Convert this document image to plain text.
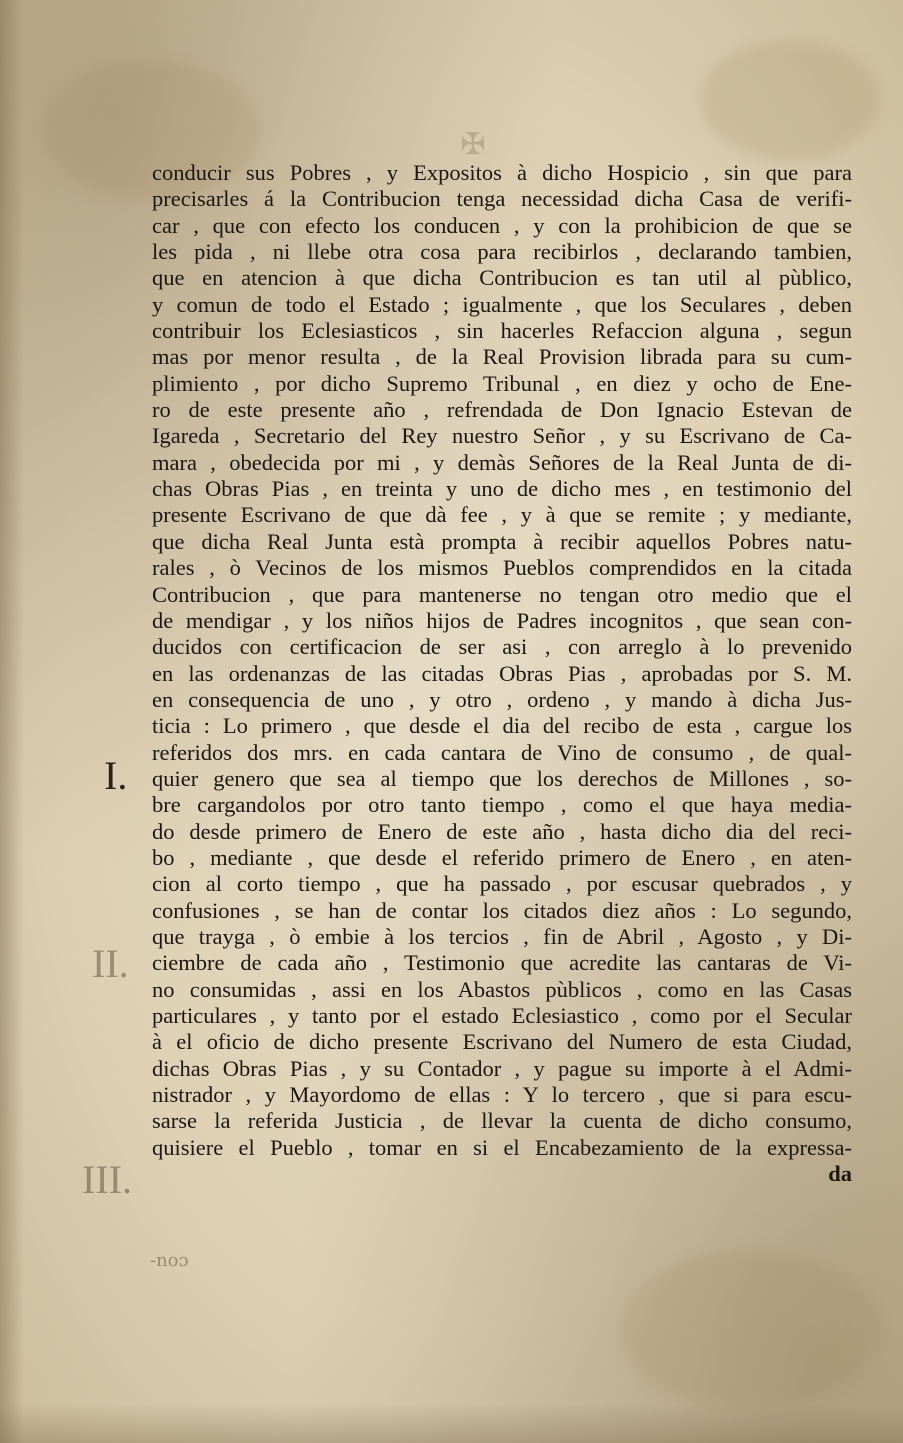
✠
conducir sus Pobres , y Expositos à dicho Hospicio , sin que para
precisarles á la Contribucion tenga necessidad dicha Casa de verifi-
car , que con efecto los conducen , y con la prohibicion de que se
les pida , ni llebe otra cosa para recibirlos , declarando tambien,
que en atencion à que dicha Contribucion es tan util al pùblico,
y comun de todo el Estado ; igualmente , que los Seculares , deben
contribuir los Eclesiasticos , sin hacerles Refaccion alguna , segun
mas por menor resulta , de la Real Provision librada para su cum-
plimiento , por dicho Supremo Tribunal , en diez y ocho de Ene-
ro de este presente año , refrendada de Don Ignacio Estevan de
Igareda , Secretario del Rey nuestro Señor , y su Escrivano de Ca-
mara , obedecida por mi , y demàs Señores de la Real Junta de di-
chas Obras Pias , en treinta y uno de dicho mes , en testimonio del
presente Escrivano de que dà fee , y à que se remite ; y mediante,
que dicha Real Junta està prompta à recibir aquellos Pobres natu-
rales , ò Vecinos de los mismos Pueblos comprendidos en la citada
Contribucion , que para mantenerse no tengan otro medio que el
de mendigar , y los niños hijos de Padres incognitos , que sean con-
ducidos con certificacion de ser asi , con arreglo à lo prevenido
en las ordenanzas de las citadas Obras Pias , aprobadas por S. M.
en consequencia de uno , y otro , ordeno , y mando à dicha Jus-
ticia : Lo primero , que desde el dia del recibo de esta , cargue los
referidos dos mrs. en cada cantara de Vino de consumo , de qual-
quier genero que sea al tiempo que los derechos de Millones , so-
bre cargandolos por otro tanto tiempo , como el que haya media-
do desde primero de Enero de este año , hasta dicho dia del reci-
bo , mediante , que desde el referido primero de Enero , en aten-
cion al corto tiempo , que ha passado , por escusar quebrados , y
confusiones , se han de contar los citados diez años : Lo segundo,
que trayga , ò embie à los tercios , fin de Abril , Agosto , y Di-
ciembre de cada año , Testimonio que acredite las cantaras de Vi-
no consumidas , assi en los Abastos pùblicos , como en las Casas
particulares , y tanto por el estado Eclesiastico , como por el Secular
à el oficio de dicho presente Escrivano del Numero de esta Ciudad,
dichas Obras Pias , y su Contador , y pague su importe à el Admi-
nistrador , y Mayordomo de ellas : Y lo tercero , que si para escu-
sarse la referida Justicia , de llevar la cuenta de dicho consumo,
quisiere el Pueblo , tomar en si el Encabezamiento de la expressa-
da
I.
II.
III.
-noɔ
